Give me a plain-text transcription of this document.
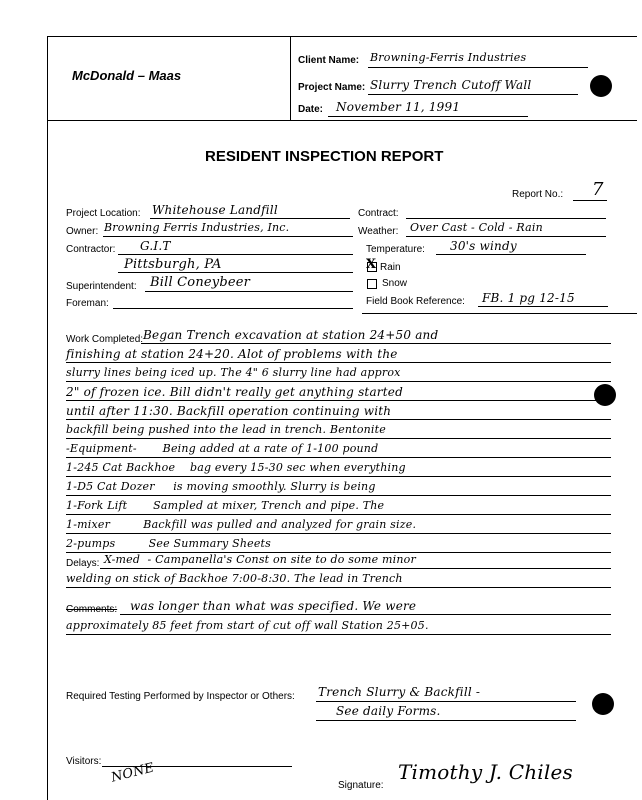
McDonald – Maas
Client Name: Browning-Ferris Industries
Project Name: Slurry Trench Cutoff Wall
Date: November 11, 1991
RESIDENT INSPECTION REPORT
Report No.: 7
Project Location: Whitehouse Landfill
Owner: Browning Ferris Industries, Inc.
Contractor: G.I.T
Pittsburgh, PA
Superintendent: Bill Coneybeer
Foreman:
Contract:
Weather: Over Cast - Cold - Rain
Temperature: 30's windy
X Rain
Snow
Field Book Reference: FB. 1 pg 12-15
Work Completed: Began Trench excavation at station 24+50 and
finishing at station 24+20. Alot of problems with the
slurry lines being iced up. The 4" 6 slurry line had approx
2" of frozen ice. Bill didn't really get anything started
until after 11:30. Backfill operation continuing with
backfill being pushed into the lead in trench. Bentonite
-Equipment-       Being added at a rate of 1-100 pound
1-245 Cat Backhoe    bag every 15-30 sec when everything
1-D5 Cat Dozer     is moving smoothly. Slurry is being
1-Fork Lift       Sampled at mixer, Trench and pipe. The
1-mixer         Backfill was pulled and analyzed for grain size.
2-pumps         See Summary Sheets
Delays: X-med  - Campanella's Const on site to do some minor
welding on stick of Backhoe 7:00-8:30. The lead in Trench
Comments: was longer than what was specified. We were
approximately 85 feet from start of cut off wall Station 25+05.
Required Testing Performed by Inspector or Others: Trench Slurry & Backfill -
See daily Forms.
Visitors: NONE	Signature:
Timothy J. Chiles
